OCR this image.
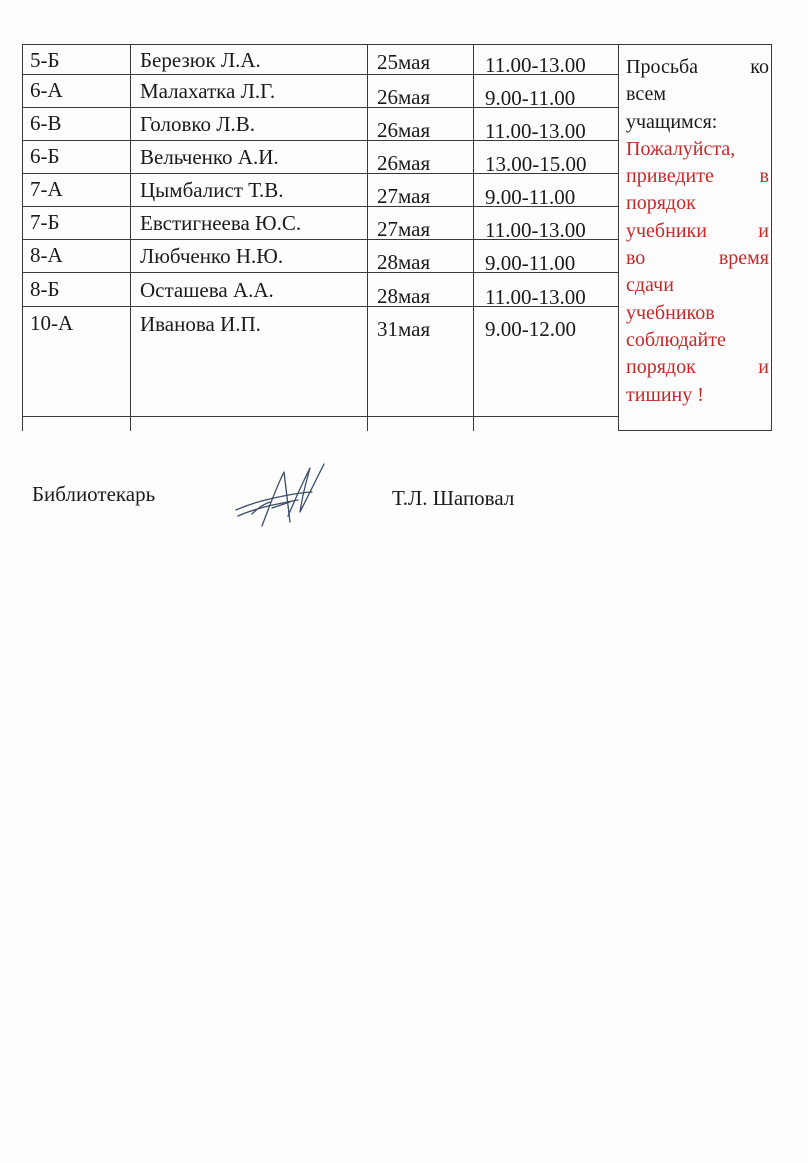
5-Б	Березюк Л.А.	25мая	11.00-13.00
6-А	Малахатка Л.Г.	26мая	9.00-11.00
6-В	Головко Л.В.	26мая	11.00-13.00
6-Б	Вельченко А.И.	26мая	13.00-15.00
7-А	Цымбалист Т.В.	27мая	9.00-11.00
7-Б	Евстигнеева Ю.С.	27мая	11.00-13.00
8-А	Любченко Н.Ю.	28мая	9.00-11.00
8-Б	Осташева А.А.	28мая	11.00-13.00
10-А	Иванова И.П.	31мая	9.00-12.00
Просьба	ко
всем
учащимся:
Пожалуйста,
приведите в
порядок
учебники	и
во	время
сдачи
учебников
соблюдайте
порядок	и
тишину !
Библиотекарь	Т.Л. Шаповал
